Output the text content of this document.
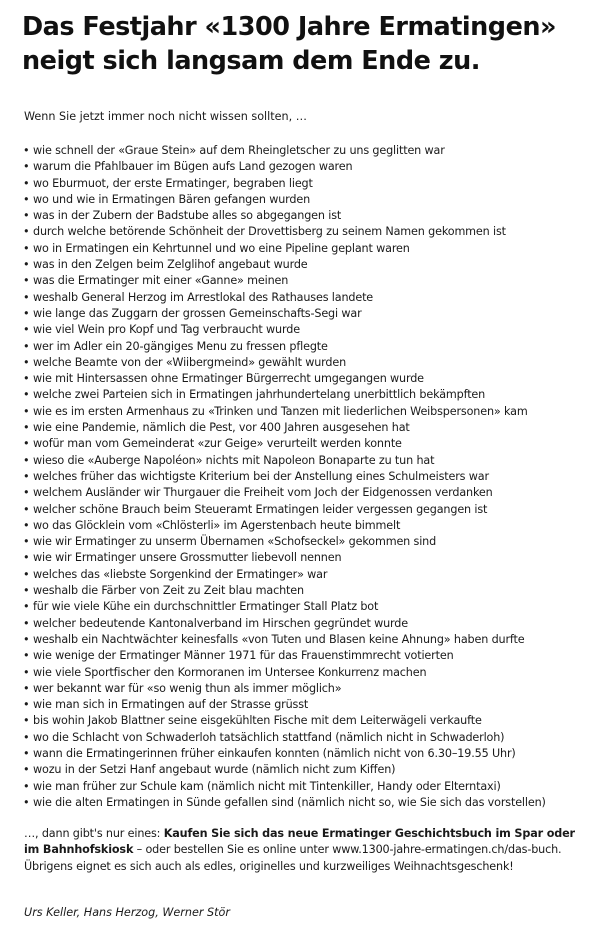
Das Festjahr «1300 Jahre Ermatingen»
neigt sich langsam dem Ende zu.

Wenn Sie jetzt immer noch nicht wissen sollten, …

• wie schnell der «Graue Stein» auf dem Rheingletscher zu uns geglitten war
• warum die Pfahlbauer im Bügen aufs Land gezogen waren
• wo Eburmuot, der erste Ermatinger, begraben liegt
• wo und wie in Ermatingen Bären gefangen wurden
• was in der Zubern der Badstube alles so abgegangen ist
• durch welche betörende Schönheit der Drovettisberg zu seinem Namen gekommen ist
• wo in Ermatingen ein Kehrtunnel und wo eine Pipeline geplant waren
• was in den Zelgen beim Zelglihof angebaut wurde
• was die Ermatinger mit einer «Ganne» meinen
• weshalb General Herzog im Arrestlokal des Rathauses landete
• wie lange das Zuggarn der grossen Gemeinschafts-Segi war
• wie viel Wein pro Kopf und Tag verbraucht wurde
• wer im Adler ein 20-gängiges Menu zu fressen pflegte
• welche Beamte von der «Wiibergmeind» gewählt wurden
• wie mit Hintersassen ohne Ermatinger Bürgerrecht umgegangen wurde
• welche zwei Parteien sich in Ermatingen jahrhundertelang unerbittlich bekämpften
• wie es im ersten Armenhaus zu «Trinken und Tanzen mit liederlichen Weibspersonen» kam
• wie eine Pandemie, nämlich die Pest, vor 400 Jahren ausgesehen hat
• wofür man vom Gemeinderat «zur Geige» verurteilt werden konnte
• wieso die «Auberge Napoléon» nichts mit Napoleon Bonaparte zu tun hat
• welches früher das wichtigste Kriterium bei der Anstellung eines Schulmeisters war
• welchem Ausländer wir Thurgauer die Freiheit vom Joch der Eidgenossen verdanken
• welcher schöne Brauch beim Steueramt Ermatingen leider vergessen gegangen ist
• wo das Glöcklein vom «Chlösterli» im Agerstenbach heute bimmelt
• wie wir Ermatinger zu unserm Übernamen «Schofseckel» gekommen sind
• wie wir Ermatinger unsere Grossmutter liebevoll nennen
• welches das «liebste Sorgenkind der Ermatinger» war
• weshalb die Färber von Zeit zu Zeit blau machten
• für wie viele Kühe ein durchschnittler Ermatinger Stall Platz bot
• welcher bedeutende Kantonalverband im Hirschen gegründet wurde
• weshalb ein Nachtwächter keinesfalls «von Tuten und Blasen keine Ahnung» haben durfte
• wie wenige der Ermatinger Männer 1971 für das Frauenstimmrecht votierten
• wie viele Sportfischer den Kormoranen im Untersee Konkurrenz machen
• wer bekannt war für «so wenig thun als immer möglich»
• wie man sich in Ermatingen auf der Strasse grüsst
• bis wohin Jakob Blattner seine eisgekühlten Fische mit dem Leiterwägeli verkaufte
• wo die Schlacht von Schwaderloh tatsächlich stattfand (nämlich nicht in Schwaderloh)
• wann die Ermatingerinnen früher einkaufen konnten (nämlich nicht von 6.30–19.55 Uhr)
• wozu in der Setzi Hanf angebaut wurde (nämlich nicht zum Kiffen)
• wie man früher zur Schule kam (nämlich nicht mit Tintenkiller, Handy oder Elterntaxi)
• wie die alten Ermatingen in Sünde gefallen sind (nämlich nicht so, wie Sie sich das vorstellen)

…, dann gibt's nur eines: Kaufen Sie sich das neue Ermatinger Geschichtsbuch im Spar oder
im Bahnhofskiosk – oder bestellen Sie es online unter www.1300-jahre-ermatingen.ch/das-buch.
Übrigens eignet es sich auch als edles, originelles und kurzweiliges Weihnachtsgeschenk!

Urs Keller, Hans Herzog, Werner Stör
